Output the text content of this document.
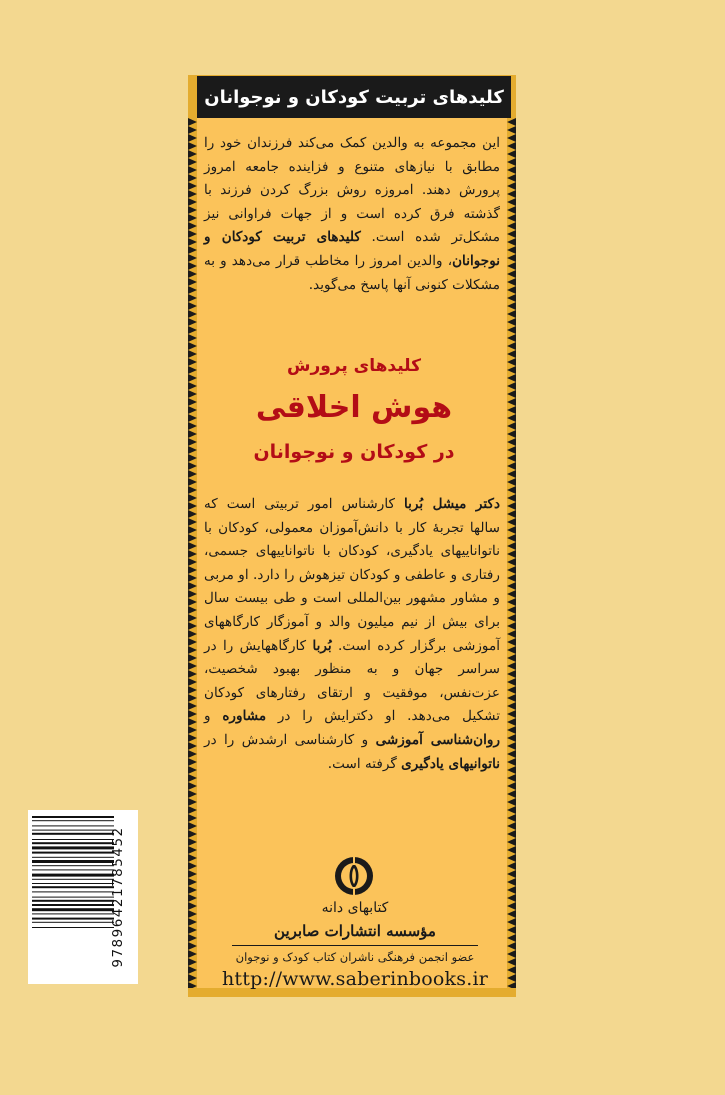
کلیدهای تربیت کودکان و نوجوانان
این مجموعه به والدین کمک می‌کند فرزندان خود را مطابق با نیازهای متنوع و فزاینده جامعه امروز پرورش دهند. امروزه روش بزرگ کردن فرزند با گذشته فرق کرده است و از جهات فراوانی نیز مشکل‌تر شده است. کلیدهای تربیت کودکان و نوجوانان، والدین امروز را مخاطب قرار می‌دهد و به مشکلات کنونی آنها پاسخ می‌گوید.
کلیدهای پرورش
هوش اخلاقی
در کودکان و نوجوانان
دکتر میشل بُربا کارشناس امور تربیتی است که سالها تجربهٔ کار با دانش‌آموزان معمولی، کودکان با ناتواناییهای یادگیری، کودکان با ناتواناییهای جسمی، رفتاری و عاطفی و کودکان تیزهوش را دارد. او مربی و مشاور مشهور بین‌المللی است و طی بیست سال برای بیش از نیم میلیون والد و آموزگار کارگاههای آموزشی برگزار کرده است. بُربا کارگاههایش را در سراسر جهان و به منظور بهبود شخصیت، عزت‌نفس، موفقیت و ارتقای رفتارهای کودکان تشکیل می‌دهد. او دکترایش را در مشاوره و روان‌شناسی آموزشی و کارشناسی ارشدش را در ناتوانیهای یادگیری گرفته است.
کتابهای دانه
مؤسسه انتشارات صابرین
عضو انجمن فرهنگی ناشران کتاب کودک و نوجوان
http://www.saberinbooks.ir
9789642178545​2
